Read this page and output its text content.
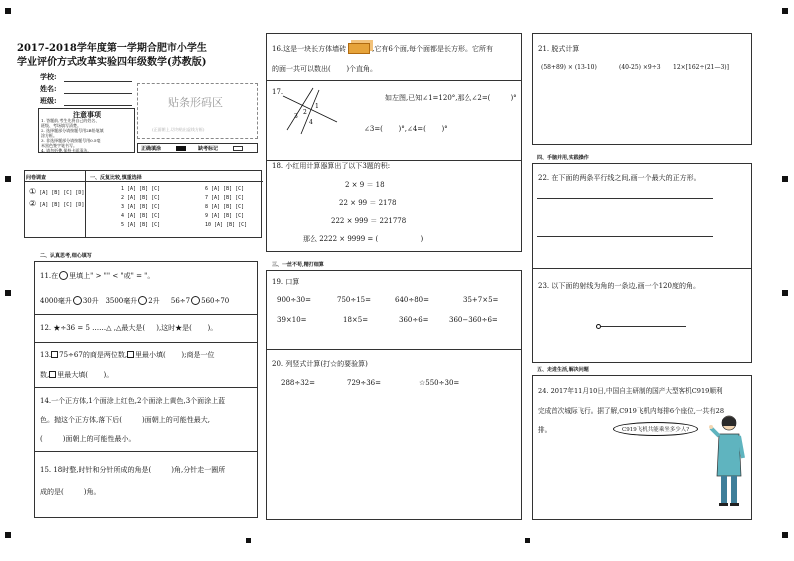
2017-2018学年度第一学期合肥市小学生
学业评价方式改革实验四年级数学(苏教版)
学校:
姓名:
班级:	贴条形码区
(正面朝上,切勿贴出虚线方框)
注意事项
1. 答题前,考生先将自己的姓名、
班级、考场填写清楚。
2. 选择题部分请按题号用2B铅笔填
涂方框。
3. 非选择题部分请按题号用0.5毫
米黑色签字笔书写。
4. 请勿折叠,保持卡面清洁。	正确填涂	缺考标记
问卷调查
① [A] [B] [C] [D]
② [A] [B] [C] [D]
一、反复比较,慎重选择
1 [A] [B] [C]
2 [A] [B] [C]
3 [A] [B] [C]
4 [A] [B] [C]
5 [A] [B] [C]
6 [A] [B] [C]
7 [A] [B] [C]
8 [A] [B] [C]
9 [A] [B] [C]
10 [A] [B] [C]
二、认真思考,细心填写
11.在 里填上" > "" < "或" = "。
4000毫升 30升 3500毫升 2升 56÷7 560÷70
12. ★÷36 = 5 ……△ ,△最大是( ),这时★是( )。
13. 75÷67的商是两位数, 里最小填( );商是一位
数, 里最大填( )。
14.一个正方体,1个面涂上红色,2个面涂上黄色,3个面涂上蓝
色。抛这个正方体,落下后(	)面朝上的可能性最大,
(	)面朝上的可能性最小。
15. 18时整,时针和分针所成的角是(	)角,分针走一圈所
成的是(	)角。
16.这是一块长方体墙砖	,它有6个面,每个面都是长方形。它所有
的面一共可以数出( )个直角。
17.
2
1
3
4
如左图,已知∠1=120°,那么∠2=(	)°
∠3=( )°,∠4=( )°
18. 小红用计算器算出了以下3题的积:
2 × 9 ＝ 18
22 × 99 ＝ 2178
222 × 999 ＝ 221778
那么 2222 × 9999 = (	)
三、一丝不苟,精打细算
19. 口算
900÷30=	750÷15=	640÷80=	35+7×5=
39×10=	18×5=	360÷6=	360−360÷6=
20. 列竖式计算(打☆的要验算)
288÷32=	729÷36=	☆550÷30=
21. 脱式计算
(58+89) × (13-10)	(40-25) ×9÷3 12×[162÷(21—3)]
四、手脑并用,实践操作
22. 在下面的两条平行线之间,画一个最大的正方形。
23. 以下面的射线为角的一条边,画一个120度的角。
五、走进生活,解决问题
24. 2017年11月10日,中国自主研制的国产大型客机C919顺利
完成首次城际飞行。据了解,C919飞机内每排6个座位,一共有28
排。	C919飞机共能乘坐多少人?
